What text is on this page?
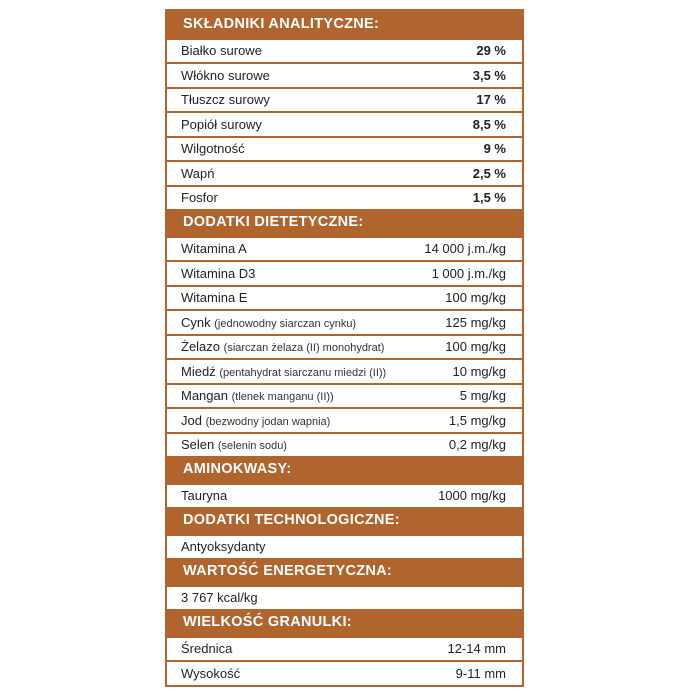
SKŁADNIKI ANALITYCZNE:
Białko surowe	29 %
Włókno surowe	3,5 %
Tłuszcz surowy	17 %
Popiół surowy	8,5 %
Wilgotność	9 %
Wapń	2,5 %
Fosfor	1,5 %
DODATKI DIETETYCZNE:
Witamina A	14 000 j.m./kg
Witamina D3	1 000 j.m./kg
Witamina E	100 mg/kg
Cynk (jednowodny siarczan cynku)	125 mg/kg
Żelazo (siarczan żelaza (II) monohydrat)	100 mg/kg
Miedź (pentahydrat siarczanu miedzi (II))	10 mg/kg
Mangan (tlenek manganu (II))	5 mg/kg
Jod (bezwodny jodan wapnia)	1,5 mg/kg
Selen (selenin sodu)	0,2 mg/kg
AMINOKWASY:
Tauryna	1000 mg/kg
DODATKI TECHNOLOGICZNE:
Antyoksydanty
WARTOŚĆ ENERGETYCZNA:
3 767 kcal/kg
WIELKOŚĆ GRANULKI:
Średnica	12-14 mm
Wysokość	9-11 mm
